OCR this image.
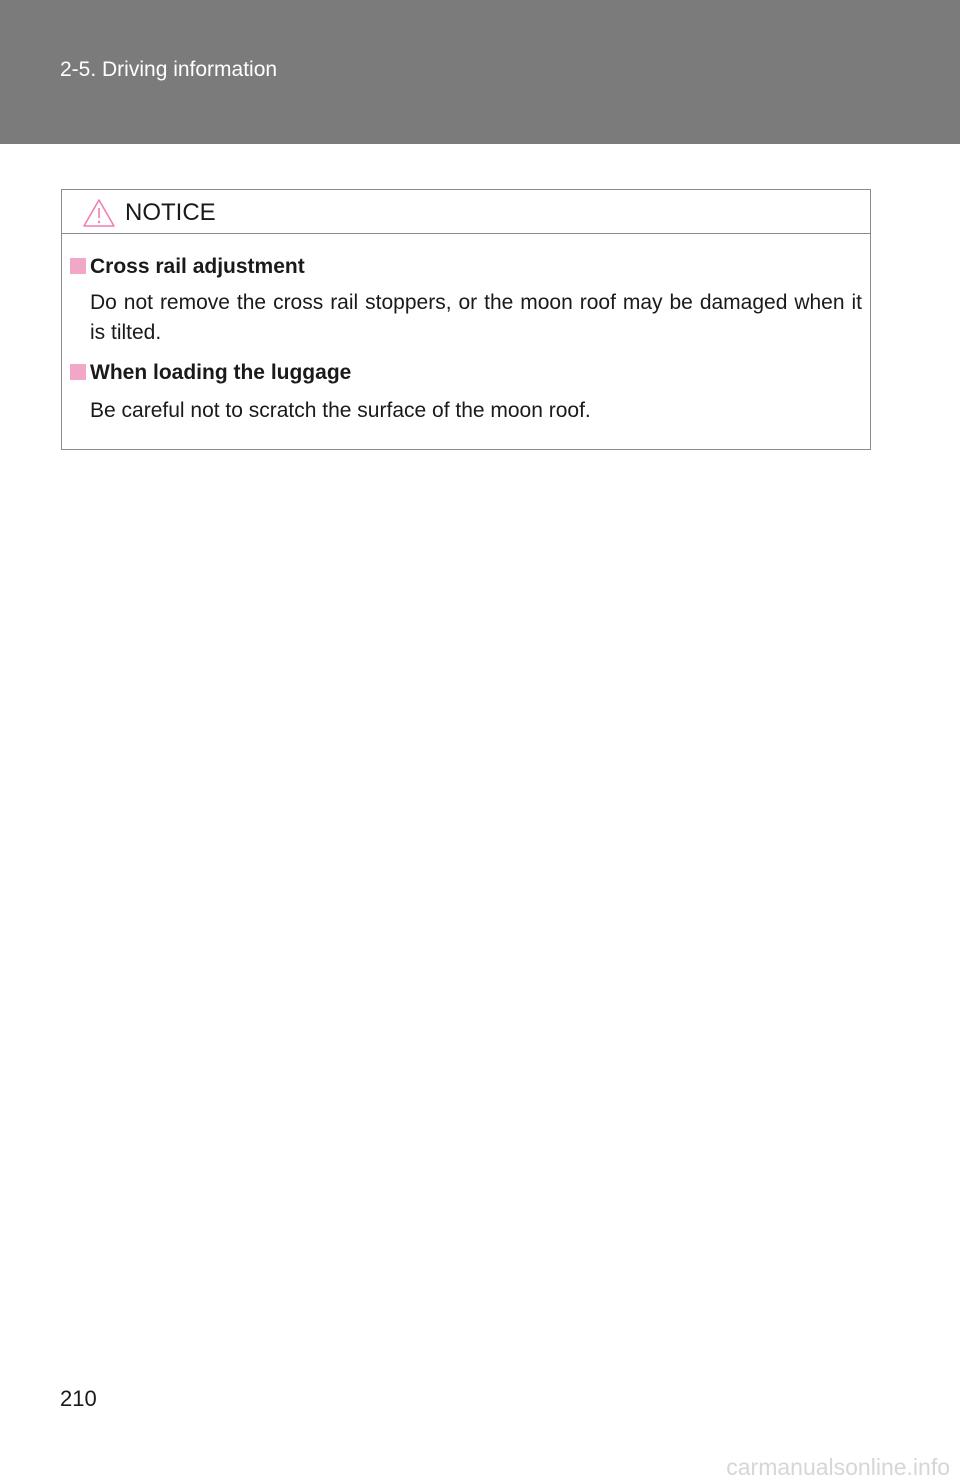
2-5. Driving information
NOTICE
Cross rail adjustment
Do not remove the cross rail stoppers, or the moon roof may be damaged when it is tilted.
When loading the luggage
Be careful not to scratch the surface of the moon roof.
210
carmanualsonline.info
